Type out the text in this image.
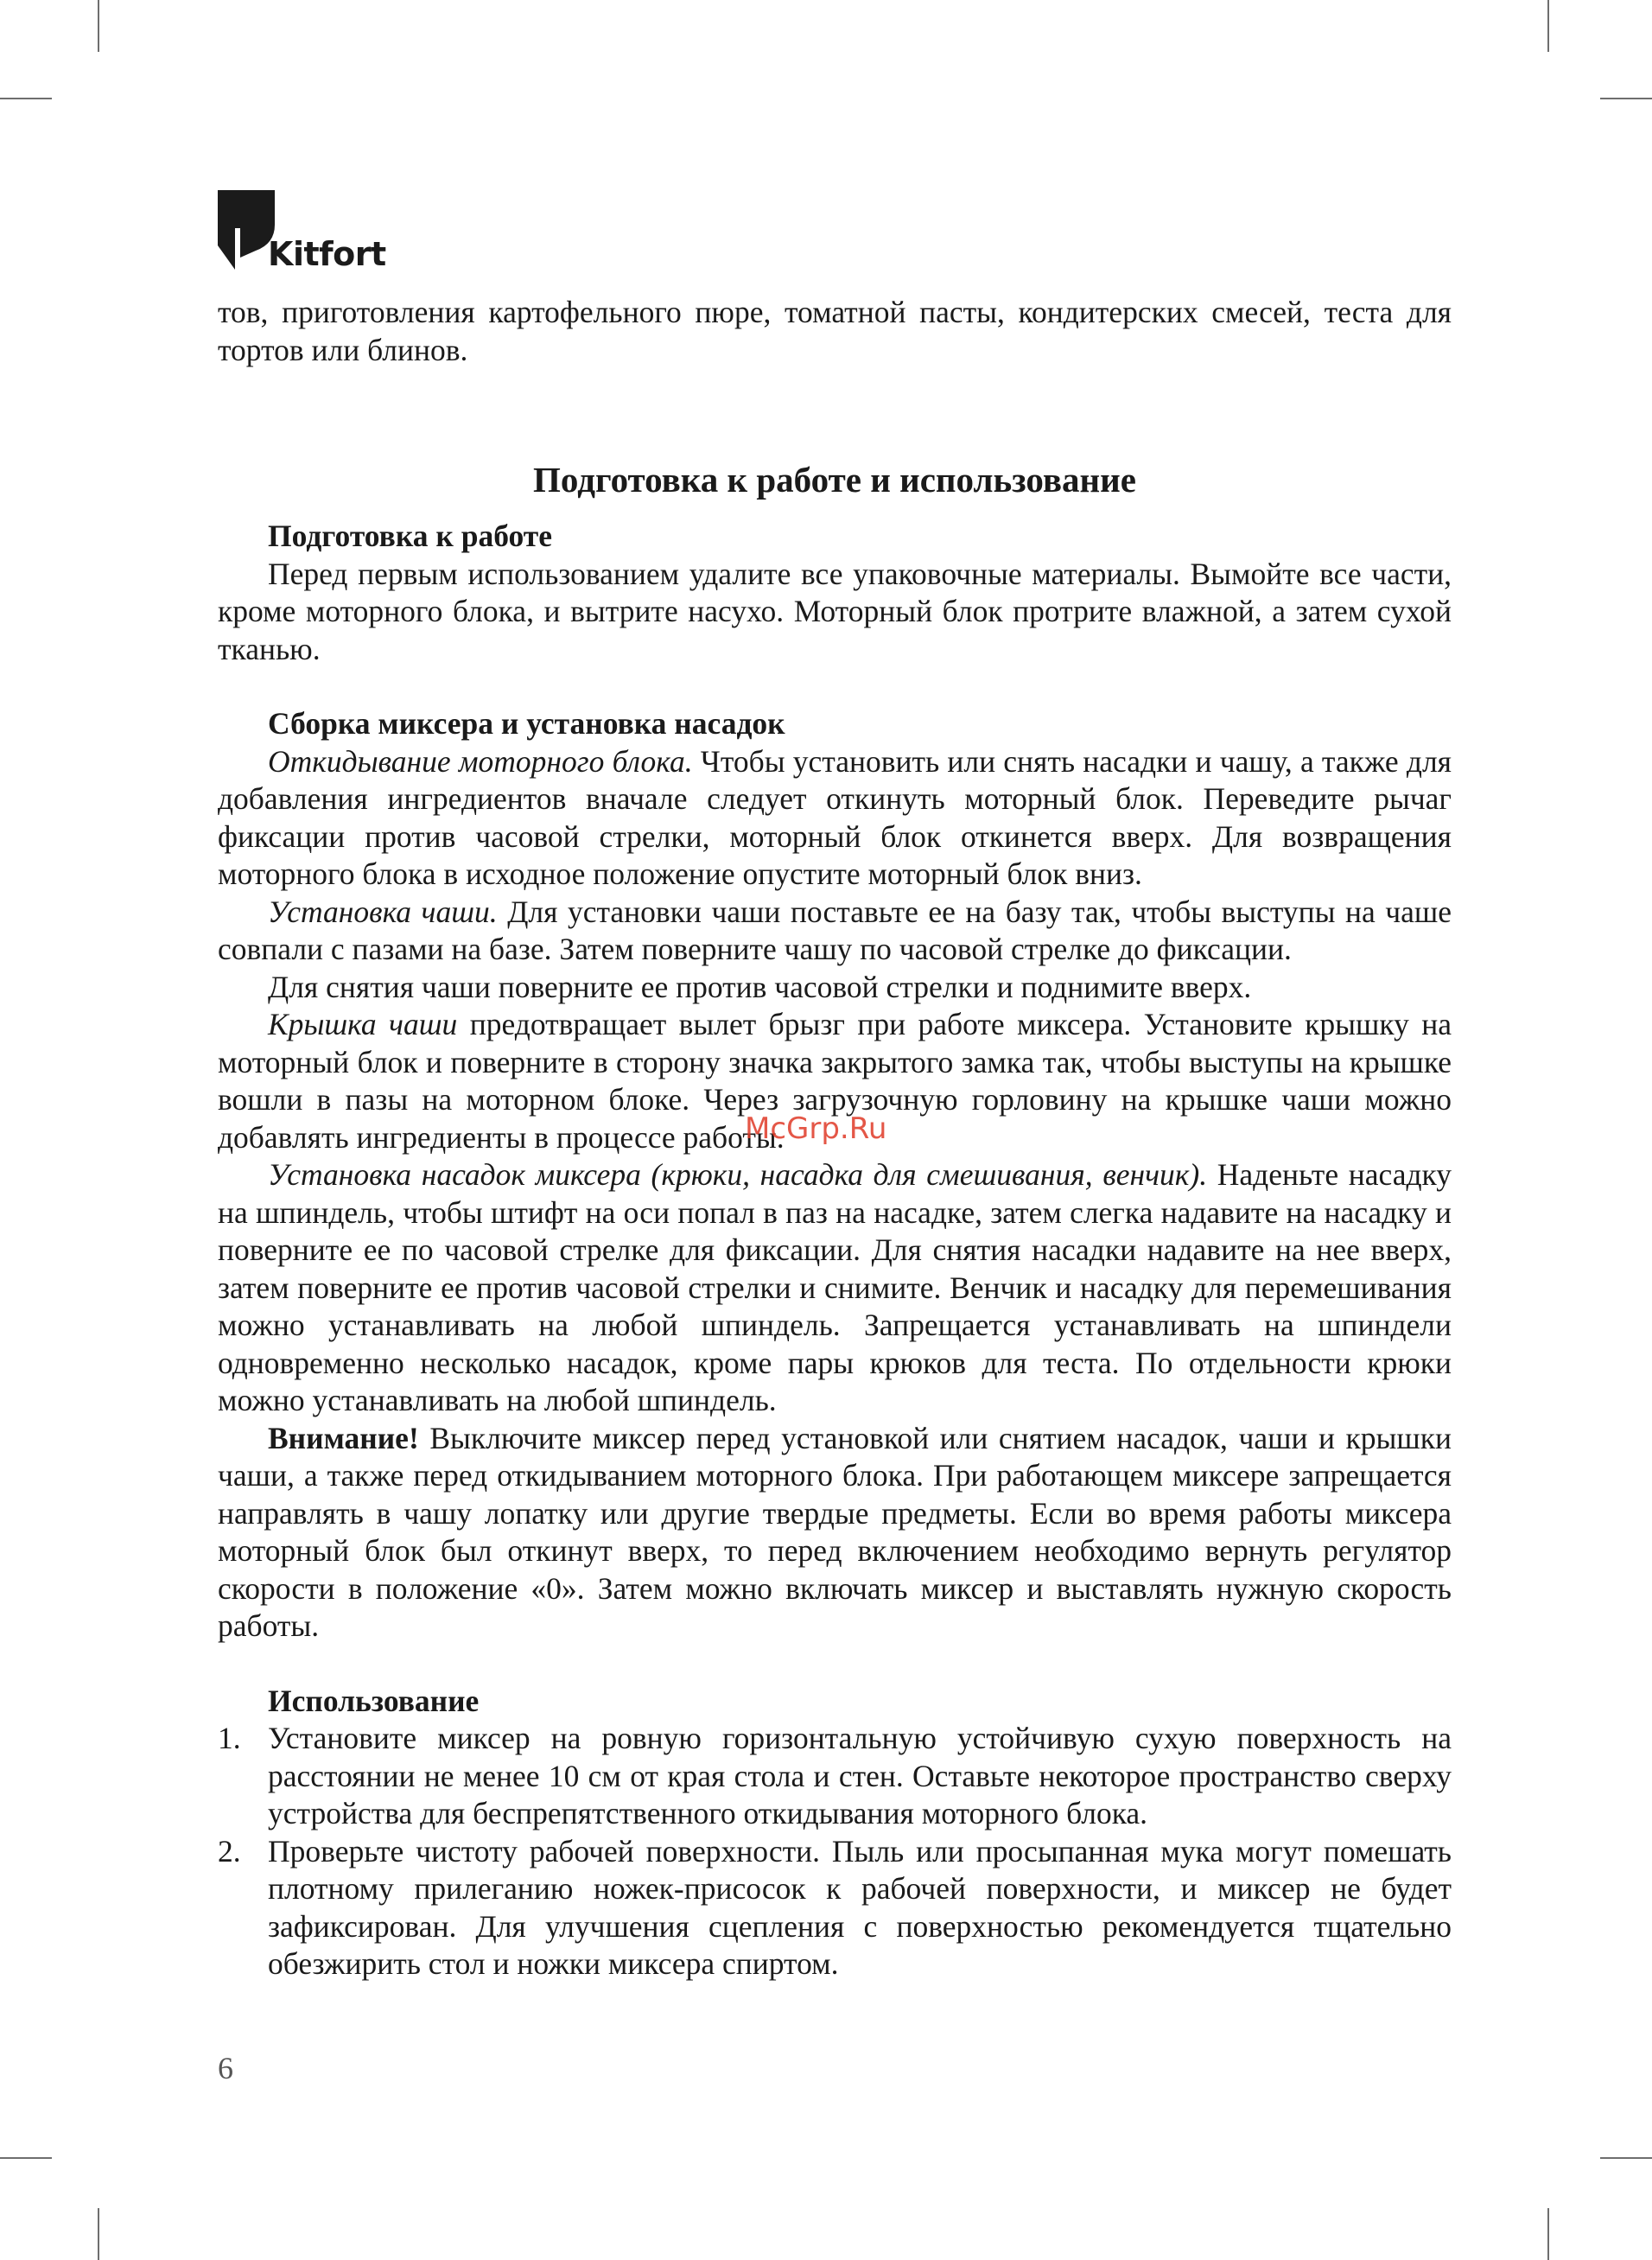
Kitfort

тов, приготовления картофельного пюре, томатной пасты, кондитерских смесей, теста для тортов или блинов.

Подготовка к работе и использование
Подготовка к работе

Перед первым использованием удалите все упаковочные материалы. Вымойте все части, кроме моторного блока, и вытрите насухо. Моторный блок протрите влажной, а затем сухой тканью.

Сборка миксера и установка насадок

Откидывание моторного блока. Чтобы установить или снять насадки и чашу, а также для добавления ингредиентов вначале следует откинуть моторный блок. Переведите рычаг фиксации против часовой стрелки, моторный блок откинется вверх. Для возвращения моторного блока в исходное положение опустите моторный блок вниз.

Установка чаши. Для установки чаши поставьте ее на базу так, чтобы выступы на чаше совпали с пазами на базе. Затем поверните чашу по часовой стрелке до фиксации.

Для снятия чаши поверните ее против часовой стрелки и поднимите вверх.

Крышка чаши предотвращает вылет брызг при работе миксера. Установите крышку на моторный блок и поверните в сторону значка закрытого замка так, чтобы выступы на крышке вошли в пазы на моторном блоке. Через загрузочную горловину на крышке чаши можно добавлять ингредиенты в процессе работы.

Установка насадок миксера (крюки, насадка для смешивания, венчик). Наденьте насадку на шпиндель, чтобы штифт на оси попал в паз на насадке, затем слегка надавите на насадку и поверните ее по часовой стрелке для фиксации. Для снятия насадки надавите на нее вверх, затем поверните ее против часовой стрелки и снимите. Венчик и насадку для перемешивания можно устанавливать на любой шпиндель. Запрещается устанавливать на шпиндели одновременно несколько насадок, кроме пары крюков для теста. По отдельности крюки можно устанавливать на любой шпиндель.

Внимание! Выключите миксер перед установкой или снятием насадок, чаши и крышки чаши, а также перед откидыванием моторного блока. При работающем миксере запрещается направлять в чашу лопатку или другие твердые предметы. Если во время работы миксера моторный блок был откинут вверх, то перед включением необходимо вернуть регулятор скорости в положение «0». Затем можно включать миксер и выставлять нужную скорость работы.

Использование
1. Установите миксер на ровную горизонтальную устойчивую сухую поверхность на расстоянии не менее 10 см от края стола и стен. Оставьте некоторое пространство сверху устройства для беспрепятственного откидывания моторного блока.
2. Проверьте чистоту рабочей поверхности. Пыль или просыпанная мука могут помешать плотному прилеганию ножек-присосок к рабочей поверхности, и миксер не будет зафиксирован. Для улучшения сцепления с поверхностью рекомендуется тщательно обезжирить стол и ножки миксера спиртом.
McGrp.Ru
6
